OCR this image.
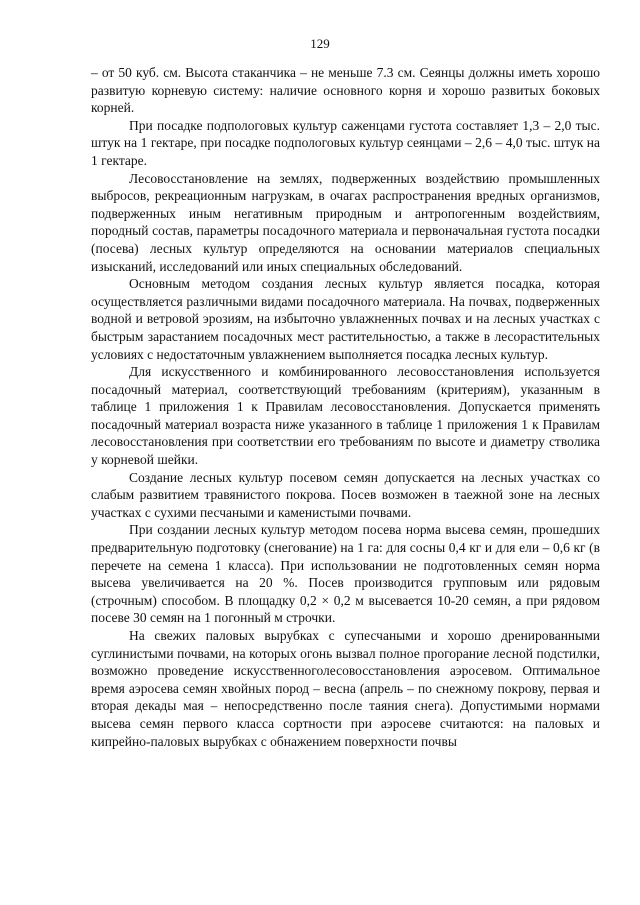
129

– от 50 куб. см. Высота стаканчика – не меньше 7.3 см. Сеянцы должны иметь хорошо развитую корневую систему: наличие основного корня и хорошо развитых боковых корней.

При посадке подпологовых культур саженцами густота составляет 1,3 – 2,0 тыс. штук на 1 гектаре, при посадке подпологовых культур сеянцами – 2,6 – 4,0 тыс. штук на 1 гектаре.

Лесовосстановление на землях, подверженных воздействию промышленных выбросов, рекреационным нагрузкам, в очагах распространения вредных организмов, подверженных иным негативным природным и антропогенным воздействиям, породный состав, параметры посадочного материала и первоначальная густота посадки (посева) лесных культур определяются на основании материалов специальных изысканий, исследований или иных специальных обследований.

Основным методом создания лесных культур является посадка, которая осуществляется различными видами посадочного материала. На почвах, подверженных водной и ветровой эрозиям, на избыточно увлажненных почвах и на лесных участках с быстрым зарастанием посадочных мест растительностью, а также в лесорастительных условиях с недостаточным увлажнением выполняется посадка лесных культур.

Для искусственного и комбинированного лесовосстановления используется посадочный материал, соответствующий требованиям (критериям), указанным в таблице 1 приложения 1 к Правилам лесовосстановления. Допускается применять посадочный материал возраста ниже указанного в таблице 1 приложения 1 к Правилам лесовосстановления при соответствии его требованиям по высоте и диаметру стволика у корневой шейки.

Создание лесных культур посевом семян допускается на лесных участках со слабым развитием травянистого покрова. Посев возможен в таежной зоне на лесных участках с сухими песчаными и каменистыми почвами.

При создании лесных культур методом посева норма высева семян, прошедших предварительную подготовку (снегование) на 1 га: для сосны 0,4 кг и для ели – 0,6 кг (в перечете на семена 1 класса). При использовании не подготовленных семян норма высева увеличивается на 20 %. Посев производится групповым или рядовым (строчным) способом. В площадку 0,2 × 0,2 м высевается 10-20 семян, а при рядовом посеве 30 семян на 1 погонный м строчки.

На свежих паловых вырубках с супесчаными и хорошо дренированными суглинистыми почвами, на которых огонь вызвал полное прогорание лесной подстилки, возможно проведение искусственноголесовосстановления аэросевом. Оптимальное время аэросева семян хвойных пород – весна (апрель – по снежному покрову, первая и вторая декады мая – непосредственно после таяния снега). Допустимыми нормами высева семян первого класса сортности при аэросеве считаются: на паловых и кипрейно-паловых вырубках с обнажением поверхности почвы
